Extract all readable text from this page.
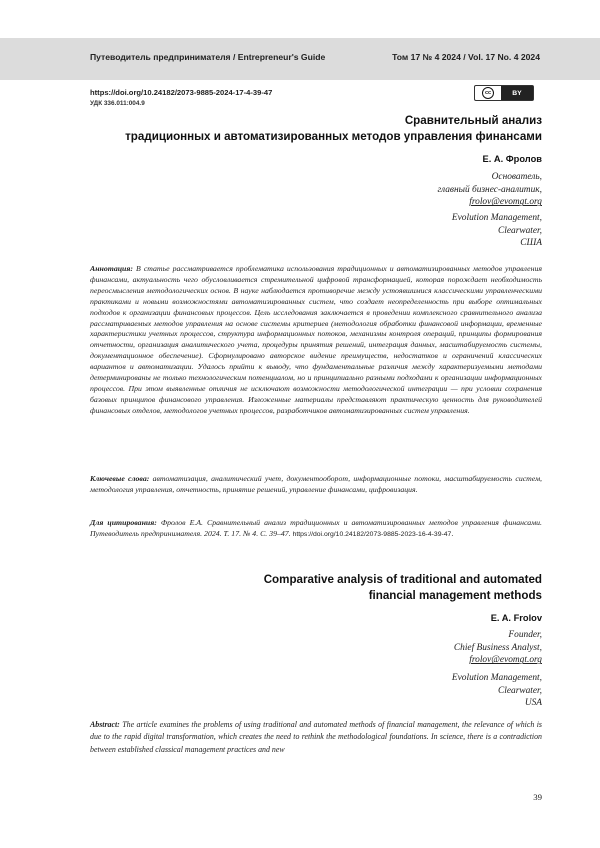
Путеводитель предпринимателя / Entrepreneur's Guide	Том 17 № 4 2024 / Vol. 17 No. 4 2024
https://doi.org/10.24182/2073-9885-2024-17-4-39-47
УДК 336.011:004.9
cc	BY
Сравнительный анализ
традиционных и автоматизированных методов управления финансами
Е. А. Фролов
Основатель,
главный бизнес-аналитик,
frolov@evomgt.org
Evolution Management,
Clearwater,
США
Аннотация: В статье рассматривается проблематика использования традиционных и автоматизированных методов управления финансами, актуальность чего обусловливается стремительной цифровой трансформацией, которая порождает необходимость переосмысления методологических основ. В науке наблюдается противоречие между устоявшимися классическими управленческими практиками и новыми возможностями автоматизированных систем, что создает неопределенность при выборе оптимальных подходов к организации финансовых процессов. Цель исследования заключается в проведении комплексного сравнительного анализа рассматриваемых методов управления на основе системы критериев (методология обработки финансовой информации, временные характеристики учетных процессов, структура информационных потоков, механизмы контроля операций, принципы формирования отчетности, организация аналитического учета, процедуры принятия решений, интеграция данных, масштабируемость системы, документационное обеспечение). Сформулировано авторское видение преимуществ, недостатков и ограничений классических вариантов и автоматизации. Удалось прийти к выводу, что фундаментальные различия между характеризуемыми методами детерминированы не только технологическим потенциалом, но и принципиально разными подходами к организации информационных процессов. При этом выявленные отличия не исключают возможности методологической интеграции — при условии сохранения базовых принципов финансового управления. Изложенные материалы представляют практическую ценность для руководителей финансовых отделов, методологов учетных процессов, разработчиков автоматизированных систем управления.
Ключевые слова: автоматизация, аналитический учет, документооборот, информационные потоки, масштабируемость систем, методология управления, отчетность, принятие решений, управление финансами, цифровизация.
Для цитирования: Фролов Е.А. Сравнительный анализ традиционных и автоматизированных методов управления финансами. Путеводитель предпринимателя. 2024. Т. 17. № 4. С. 39–47. https://doi.org/10.24182/2073-9885-2023-16-4-39-47.
Comparative analysis of traditional and automated
financial management methods
E. A. Frolov
Founder,
Chief Business Analyst,
frolov@evomgt.org
Evolution Management,
Clearwater,
USA
Abstract: The article examines the problems of using traditional and automated methods of financial management, the relevance of which is due to the rapid digital transformation, which creates the need to rethink the methodological foundations. In science, there is a contradiction between established classical management practices and new
39
